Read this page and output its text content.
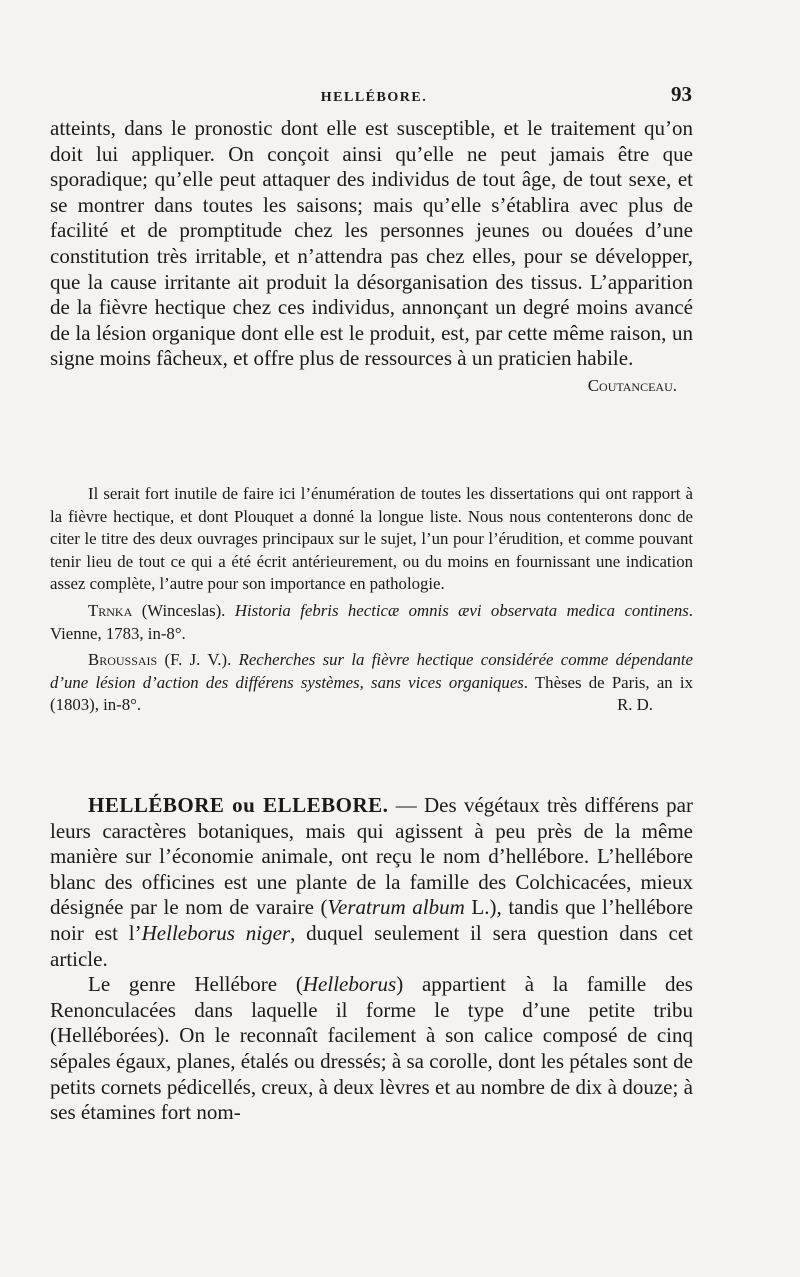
HELLÉBORE.	93

atteints, dans le pronostic dont elle est susceptible, et le traitement qu’on doit lui appliquer. On conçoit ainsi qu’elle ne peut jamais être que sporadique; qu’elle peut attaquer des individus de tout âge, de tout sexe, et se montrer dans toutes les saisons; mais qu’elle s’établira avec plus de facilité et de promptitude chez les personnes jeunes ou douées d’une constitution très irritable, et n’attendra pas chez elles, pour se développer, que la cause irritante ait produit la désorganisation des tissus. L’apparition de la fièvre hectique chez ces individus, annonçant un degré moins avancé de la lésion organique dont elle est le produit, est, par cette même raison, un signe moins fâcheux, et offre plus de ressources à un praticien habile.

Coutanceau.

Il serait fort inutile de faire ici l’énumération de toutes les dissertations qui ont rapport à la fièvre hectique, et dont Plouquet a donné la longue liste. Nous nous contenterons donc de citer le titre des deux ouvrages principaux sur le sujet, l’un pour l’érudition, et comme pouvant tenir lieu de tout ce qui a été écrit antérieurement, ou du moins en fournissant une indication assez complète, l’autre pour son importance en pathologie.

Trnka (Winceslas). Historia febris hecticæ omnis ævi observata medica continens. Vienne, 1783, in-8°.

Broussais (F. J. V.). Recherches sur la fièvre hectique considérée comme dépendante d’une lésion d’action des différens systèmes, sans vices organiques. Thèses de Paris, an ix (1803), in-8°.	R. D.

HELLÉBORE ou ELLEBORE. — Des végétaux très différens par leurs caractères botaniques, mais qui agissent à peu près de la même manière sur l’économie animale, ont reçu le nom d’hellébore. L’hellébore blanc des officines est une plante de la famille des Colchicacées, mieux désignée par le nom de varaire (Veratrum album L.), tandis que l’hellébore noir est l’Helleborus niger, duquel seulement il sera question dans cet article.

Le genre Hellébore (Helleborus) appartient à la famille des Renonculacées dans laquelle il forme le type d’une petite tribu (Helléborées). On le reconnaît facilement à son calice composé de cinq sépales égaux, planes, étalés ou dressés; à sa corolle, dont les pétales sont de petits cornets pédicellés, creux, à deux lèvres et au nombre de dix à douze; à ses étamines fort nom-
